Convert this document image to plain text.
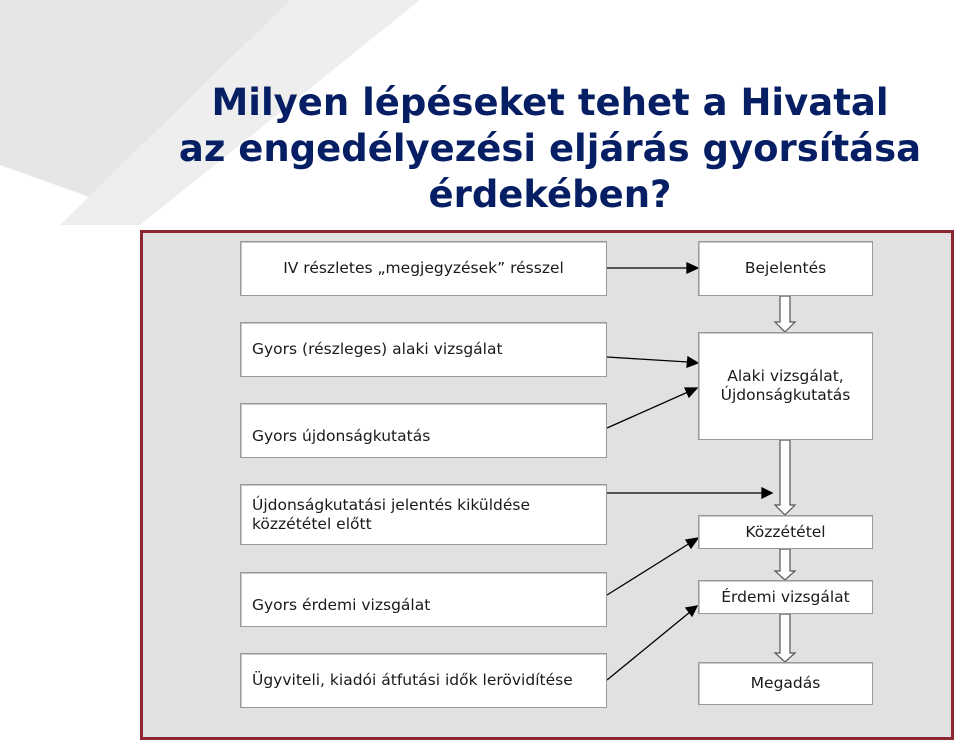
Milyen lépéseket tehet a Hivatal
az engedélyezési eljárás gyorsítása
érdekében?
IV részletes „megjegyzések” résszel
Gyors (részleges) alaki vizsgálat
Gyors újdonságkutatás
Újdonságkutatási jelentés kiküldése
közzététel előtt
Gyors érdemi vizsgálat
Ügyviteli, kiadói átfutási idők lerövidítése
Bejelentés
Alaki vizsgálat,
Újdonságkutatás
Közzététel
Érdemi vizsgálat
Megadás
